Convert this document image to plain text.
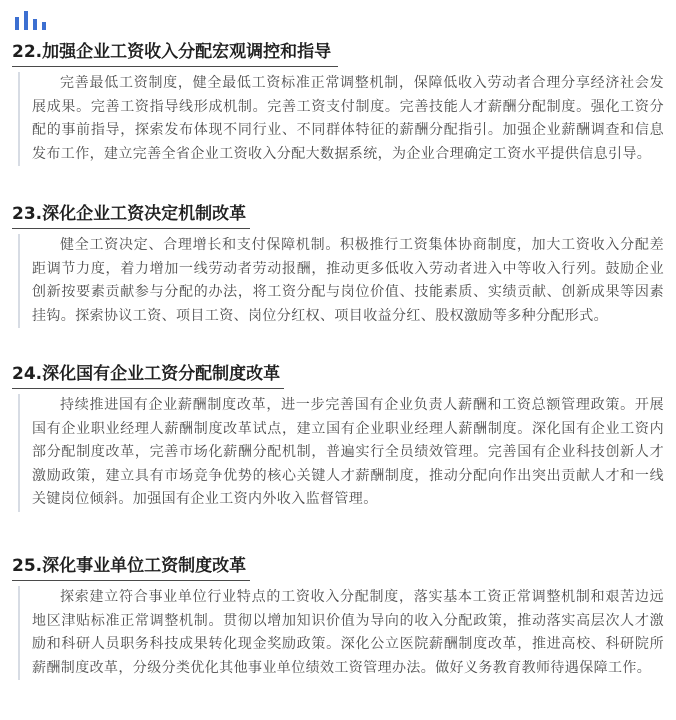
22.加强企业工资收入分配宏观调控和指导

完善最低工资制度，健全最低工资标准正常调整机制，保障低收入劳动者合理分享经济社会发展成果。完善工资指导线形成机制。完善工资支付制度。完善技能人才薪酬分配制度。强化工资分配的事前指导，探索发布体现不同行业、不同群体特征的薪酬分配指引。加强企业薪酬调查和信息发布工作，建立完善全省企业工资收入分配大数据系统，为企业合理确定工资水平提供信息引导。

23.深化企业工资决定机制改革

健全工资决定、合理增长和支付保障机制。积极推行工资集体协商制度，加大工资收入分配差距调节力度，着力增加一线劳动者劳动报酬，推动更多低收入劳动者进入中等收入行列。鼓励企业创新按要素贡献参与分配的办法，将工资分配与岗位价值、技能素质、实绩贡献、创新成果等因素挂钩。探索协议工资、项目工资、岗位分红权、项目收益分红、股权激励等多种分配形式。

24.深化国有企业工资分配制度改革

持续推进国有企业薪酬制度改革，进一步完善国有企业负责人薪酬和工资总额管理政策。开展国有企业职业经理人薪酬制度改革试点，建立国有企业职业经理人薪酬制度。深化国有企业工资内部分配制度改革，完善市场化薪酬分配机制，普遍实行全员绩效管理。完善国有企业科技创新人才激励政策，建立具有市场竞争优势的核心关键人才薪酬制度，推动分配向作出突出贡献人才和一线关键岗位倾斜。加强国有企业工资内外收入监督管理。

25.深化事业单位工资制度改革

探索建立符合事业单位行业特点的工资收入分配制度，落实基本工资正常调整机制和艰苦边远地区津贴标准正常调整机制。贯彻以增加知识价值为导向的收入分配政策，推动落实高层次人才激励和科研人员职务科技成果转化现金奖励政策。深化公立医院薪酬制度改革，推进高校、科研院所薪酬制度改革，分级分类优化其他事业单位绩效工资管理办法。做好义务教育教师待遇保障工作。
